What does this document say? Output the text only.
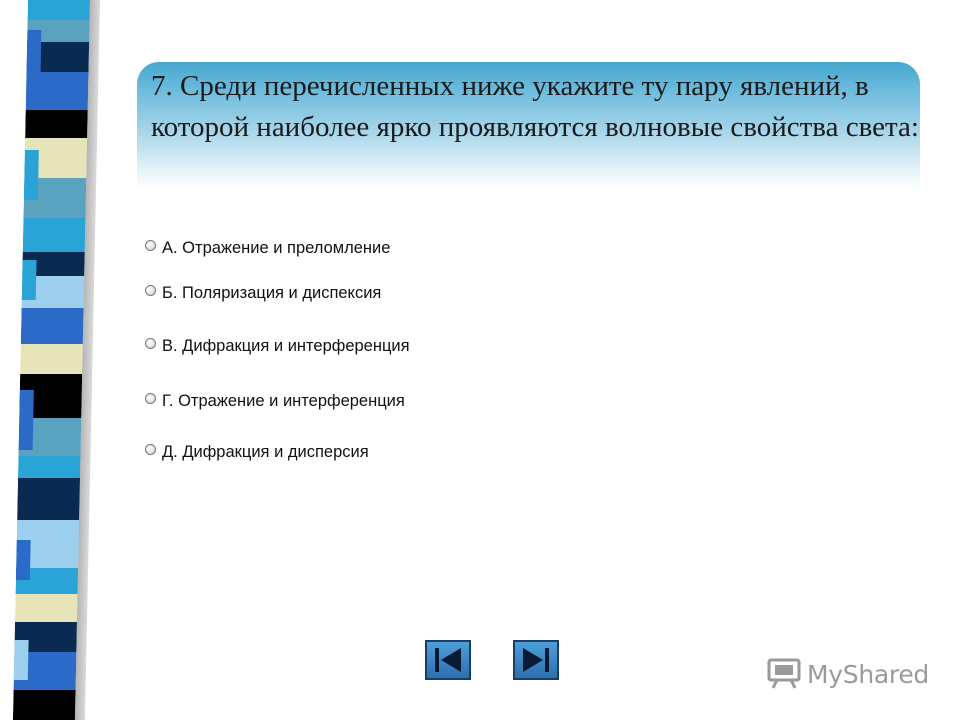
7. Среди перечисленных ниже укажите ту пару явлений, в которой наиболее ярко проявляются волновые свойства света:
А. Отражение и преломление
Б. Поляризация и диспексия
В. Дифракция и интерференция
Г. Отражение и интерференция
Д. Дифракция и дисперсия
MyShared
